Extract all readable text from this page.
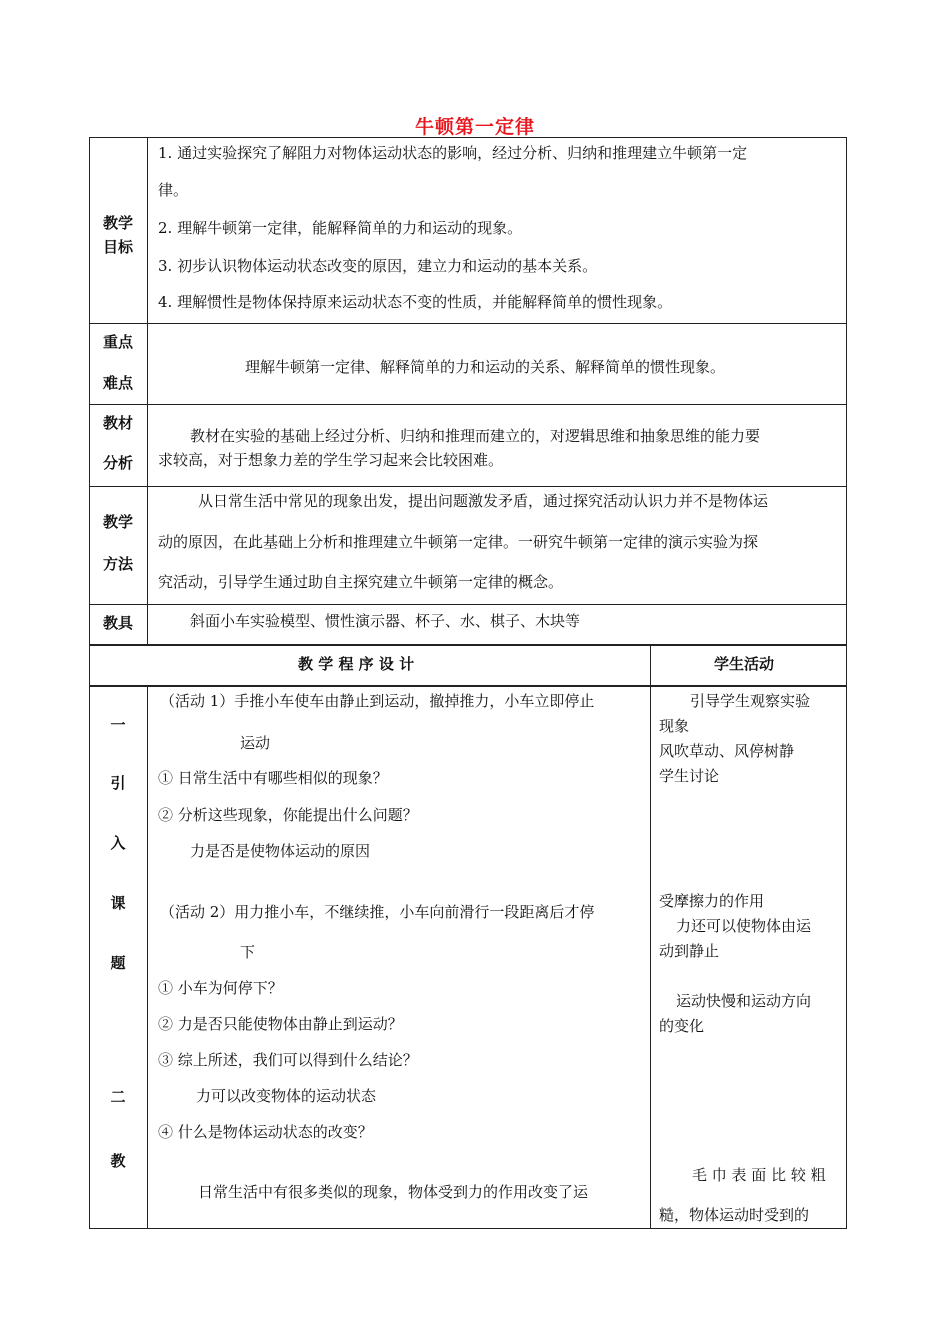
牛顿第一定律
教学
目标
1. 通过实验探究了解阻力对物体运动状态的影响，经过分析、归纳和推理建立牛顿第一定
律。
2. 理解牛顿第一定律，能解释简单的力和运动的现象。
3. 初步认识物体运动状态改变的原因，建立力和运动的基本关系。
4. 理解惯性是物体保持原来运动状态不变的性质，并能解释简单的惯性现象。
重点
难点
理解牛顿第一定律、解释简单的力和运动的关系、解释简单的惯性现象。
教材
分析
教材在实验的基础上经过分析、归纳和推理而建立的，对逻辑思维和抽象思维的能力要
求较高，对于想象力差的学生学习起来会比较困难。
教学
方法
从日常生活中常见的现象出发，提出问题激发矛盾，通过探究活动认识力并不是物体运
动的原因，在此基础上分析和推理建立牛顿第一定律。一研究牛顿第一定律的演示实验为探
究活动，引导学生通过助自主探究建立牛顿第一定律的概念。
教具	斜面小车实验模型、惯性演示器、杯子、水、棋子、木块等
教 学 程 序 设 计	学生活动
一
引
入
课
题
二
教
（活动 1）手推小车使车由静止到运动，撤掉推力，小车立即停止
运动
① 日常生活中有哪些相似的现象？
② 分析这些现象，你能提出什么问题？
力是否是使物体运动的原因
（活动 2）用力推小车，不继续推，小车向前滑行一段距离后才停
下
① 小车为何停下？
② 力是否只能使物体由静止到运动？
③ 综上所述，我们可以得到什么结论？
力可以改变物体的运动状态
④ 什么是物体运动状态的改变？
日常生活中有很多类似的现象，物体受到力的作用改变了运
引导学生观察实验
现象
风吹草动、风停树静
学生讨论
受摩擦力的作用
力还可以使物体由运
动到静止
运动快慢和运动方向
的变化
毛 巾 表 面 比 较 粗
糙，物体运动时受到的
